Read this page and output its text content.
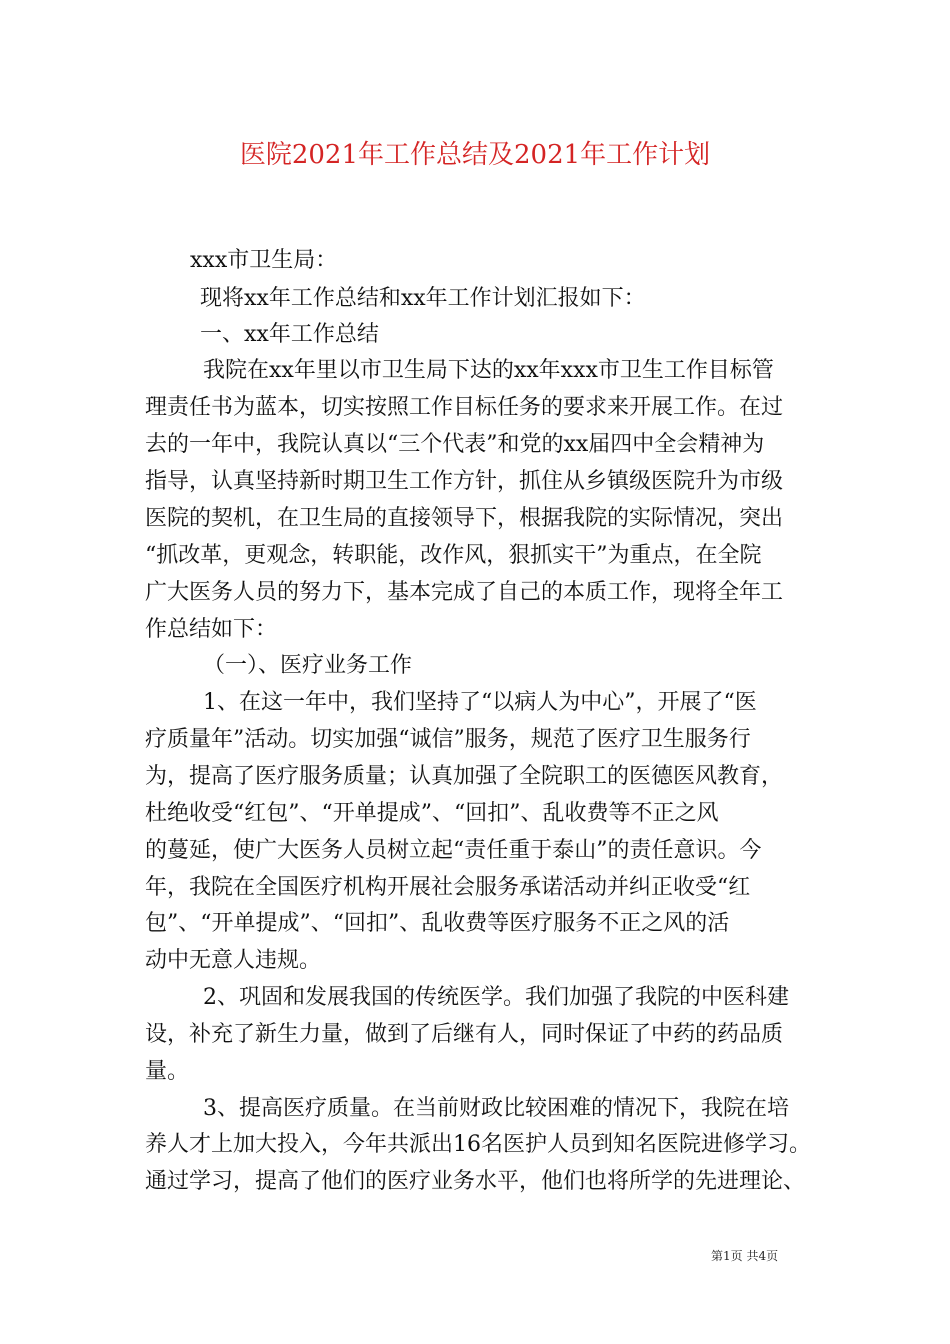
医院2021年工作总结及2021年工作计划
xxx市卫生局：
现将xx年工作总结和xx年工作计划汇报如下：
一、xx年工作总结
我院在xx年里以市卫生局下达的xx年xxx市卫生工作目标管
理责任书为蓝本，切实按照工作目标任务的要求来开展工作。在过
去的一年中，我院认真以“三个代表”和党的xx届四中全会精神为
指导，认真坚持新时期卫生工作方针，抓住从乡镇级医院升为市级
医院的契机，在卫生局的直接领导下，根据我院的实际情况，突出
“抓改革，更观念，转职能，改作风，狠抓实干”为重点，在全院
广大医务人员的努力下，基本完成了自己的本质工作，现将全年工
作总结如下：
（一）、医疗业务工作
1、在这一年中，我们坚持了“以病人为中心”，开展了“医
疗质量年”活动。切实加强“诚信”服务，规范了医疗卫生服务行
为，提高了医疗服务质量；认真加强了全院职工的医德医风教育，
杜绝收受“红包”、“开单提成”、“回扣”、乱收费等不正之风
的蔓延，使广大医务人员树立起“责任重于泰山”的责任意识。今
年，我院在全国医疗机构开展社会服务承诺活动并纠正收受“红
包”、“开单提成”、“回扣”、乱收费等医疗服务不正之风的活
动中无意人违规。
2、巩固和发展我国的传统医学。我们加强了我院的中医科建
设，补充了新生力量，做到了后继有人，同时保证了中药的药品质
量。
3、提高医疗质量。在当前财政比较困难的情况下，我院在培
养人才上加大投入，今年共派出16名医护人员到知名医院进修学习。
通过学习，提高了他们的医疗业务水平，他们也将所学的先进理论、
第1页 共4页
